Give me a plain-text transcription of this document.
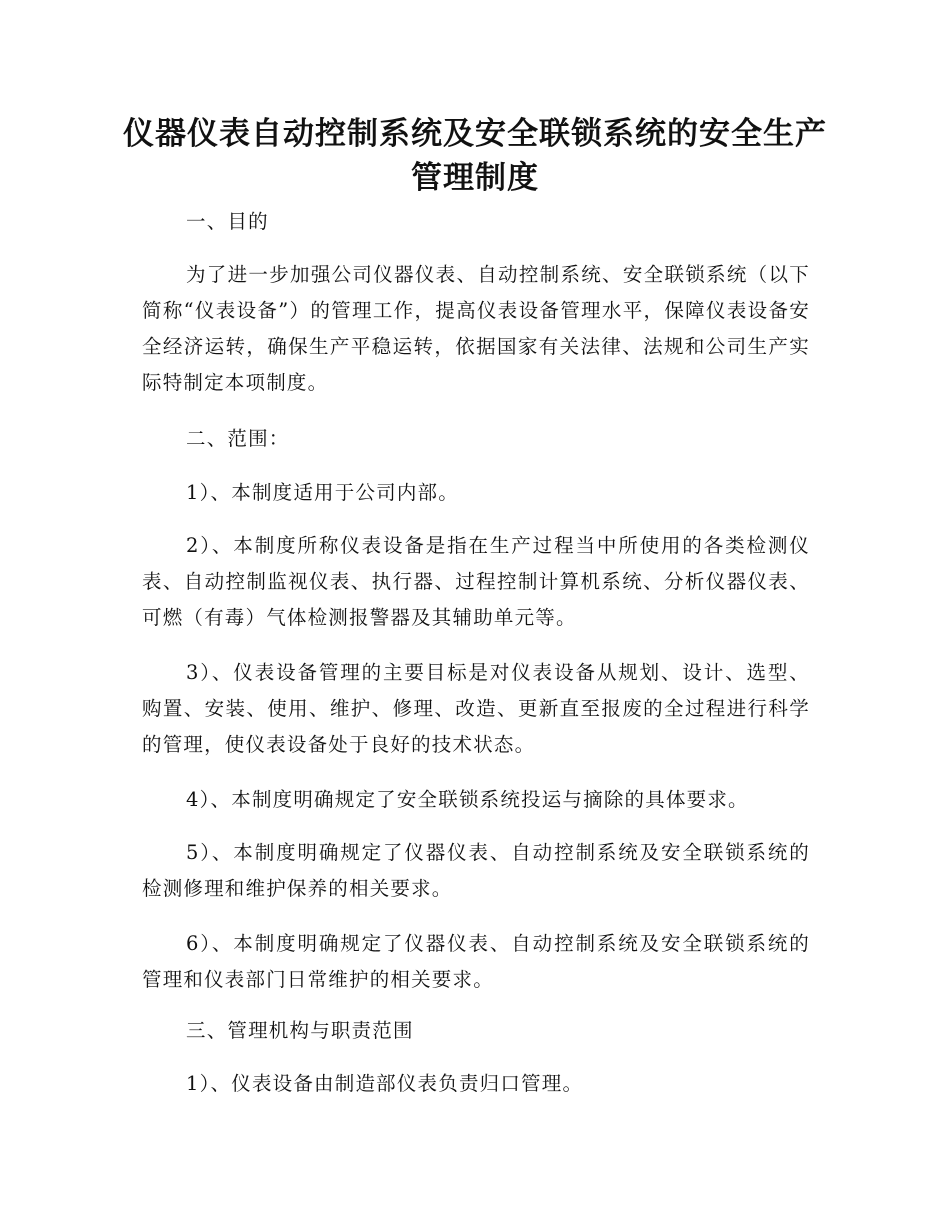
仪器仪表自动控制系统及安全联锁系统的安全生产管理制度

一、目的

为了进一步加强公司仪器仪表、自动控制系统、安全联锁系统（以下简称“仪表设备”）的管理工作，提高仪表设备管理水平，保障仪表设备安全经济运转，确保生产平稳运转，依据国家有关法律、法规和公司生产实际特制定本项制度。

二、范围：

1）、本制度适用于公司内部。

2）、本制度所称仪表设备是指在生产过程当中所使用的各类检测仪表、自动控制监视仪表、执行器、过程控制计算机系统、分析仪器仪表、可燃（有毒）气体检测报警器及其辅助单元等。

3）、仪表设备管理的主要目标是对仪表设备从规划、设计、选型、购置、安装、使用、维护、修理、改造、更新直至报废的全过程进行科学的管理，使仪表设备处于良好的技术状态。

4）、本制度明确规定了安全联锁系统投运与摘除的具体要求。

5）、本制度明确规定了仪器仪表、自动控制系统及安全联锁系统的检测修理和维护保养的相关要求。

6）、本制度明确规定了仪器仪表、自动控制系统及安全联锁系统的管理和仪表部门日常维护的相关要求。

三、管理机构与职责范围

1）、仪表设备由制造部仪表负责归口管理。
